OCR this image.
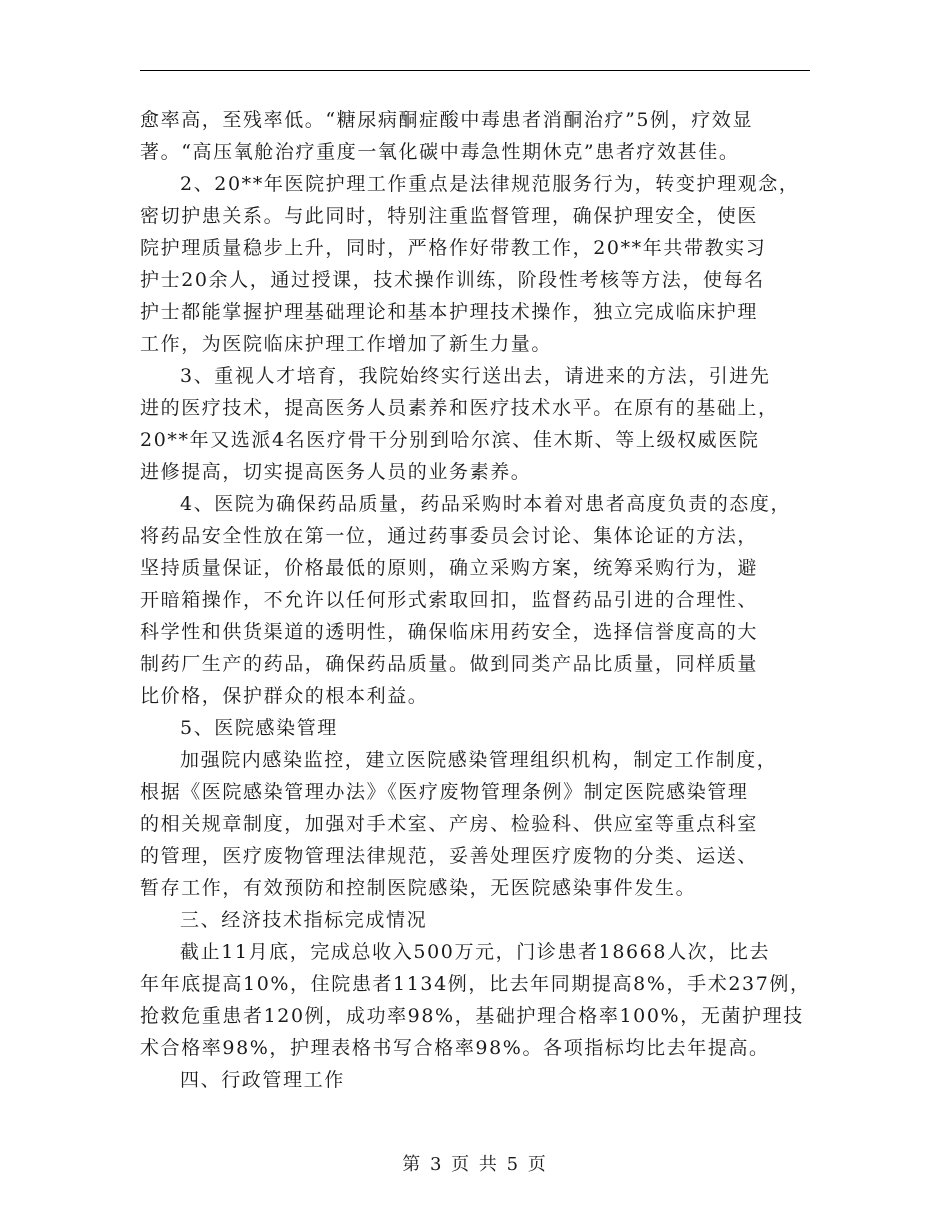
愈率高，至残率低。“糖尿病酮症酸中毒患者消酮治疗”5例，疗效显
著。“高压氧舱治疗重度一氧化碳中毒急性期休克”患者疗效甚佳。
2、20**年医院护理工作重点是法律规范服务行为，转变护理观念，
密切护患关系。与此同时，特别注重监督管理，确保护理安全，使医
院护理质量稳步上升，同时，严格作好带教工作，20**年共带教实习
护士20余人，通过授课，技术操作训练，阶段性考核等方法，使每名
护士都能掌握护理基础理论和基本护理技术操作，独立完成临床护理
工作，为医院临床护理工作增加了新生力量。
3、重视人才培育，我院始终实行送出去，请进来的方法，引进先
进的医疗技术，提高医务人员素养和医疗技术水平。在原有的基础上，
20**年又选派4名医疗骨干分别到哈尔滨、佳木斯、等上级权威医院
进修提高，切实提高医务人员的业务素养。
4、医院为确保药品质量，药品采购时本着对患者高度负责的态度，
将药品安全性放在第一位，通过药事委员会讨论、集体论证的方法，
坚持质量保证，价格最低的原则，确立采购方案，统筹采购行为，避
开暗箱操作，不允许以任何形式索取回扣，监督药品引进的合理性、
科学性和供货渠道的透明性，确保临床用药安全，选择信誉度高的大
制药厂生产的药品，确保药品质量。做到同类产品比质量，同样质量
比价格，保护群众的根本利益。
5、医院感染管理
加强院内感染监控，建立医院感染管理组织机构，制定工作制度，
根据《医院感染管理办法》《医疗废物管理条例》制定医院感染管理
的相关规章制度，加强对手术室、产房、检验科、供应室等重点科室
的管理，医疗废物管理法律规范，妥善处理医疗废物的分类、运送、
暂存工作，有效预防和控制医院感染，无医院感染事件发生。
三、经济技术指标完成情况
截止11月底，完成总收入500万元，门诊患者18668人次，比去
年年底提高10%，住院患者1134例，比去年同期提高8%，手术237例，
抢救危重患者120例，成功率98%，基础护理合格率100%，无菌护理技
术合格率98%，护理表格书写合格率98%。各项指标均比去年提高。
四、行政管理工作
第 3 页 共 5 页
